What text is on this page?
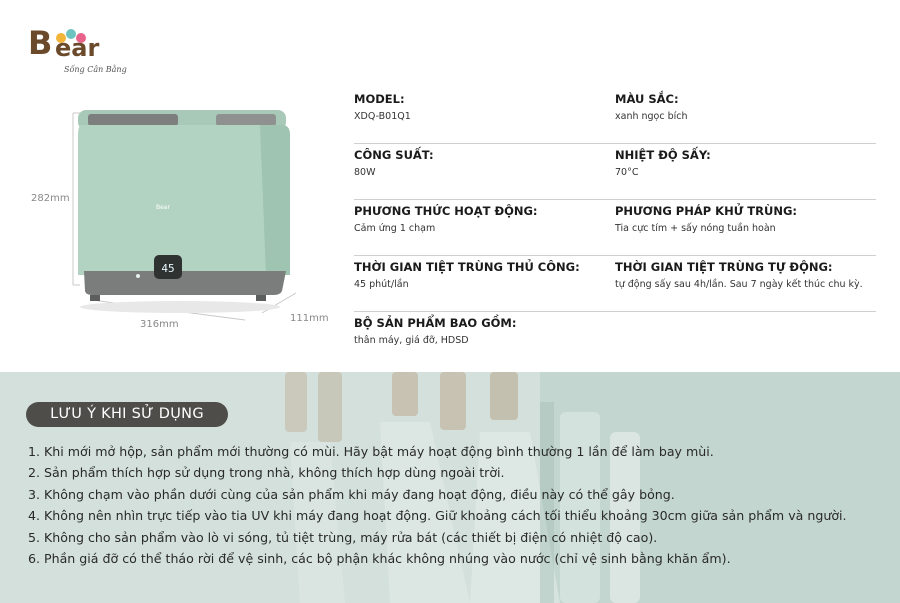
B ear
Sống Cân Bằng
Bear
45
282mm
316mm
111mm
MODEL:
XDQ-B01Q1
MÀU SẮC:
xanh ngọc bích
CÔNG SUẤT:
80W
NHIỆT ĐỘ SẤY:
70°C
PHƯƠNG THỨC HOẠT ĐỘNG:
Cảm ứng 1 chạm
PHƯƠNG PHÁP KHỬ TRÙNG:
Tia cực tím + sấy nóng tuần hoàn
THỜI GIAN TIỆT TRÙNG THỦ CÔNG:
45 phút/lần
THỜI GIAN TIỆT TRÙNG TỰ ĐỘNG:
tự động sấy sau 4h/lần. Sau 7 ngày kết thúc chu kỳ.
BỘ SẢN PHẨM BAO GỒM:
thân máy, giá đỡ, HDSD
LƯU Ý KHI SỬ DỤNG
1. Khi mới mở hộp, sản phẩm mới thường có mùi. Hãy bật máy hoạt động bình thường 1 lần để làm bay mùi.
2. Sản phẩm thích hợp sử dụng trong nhà, không thích hợp dùng ngoài trời.
3. Không chạm vào phần dưới cùng của sản phẩm khi máy đang hoạt động, điều này có thể gây bỏng.
4. Không nên nhìn trực tiếp vào tia UV khi máy đang hoạt động. Giữ khoảng cách tối thiểu khoảng 30cm giữa sản phẩm và người.
5. Không cho sản phẩm vào lò vi sóng, tủ tiệt trùng, máy rửa bát (các thiết bị điện có nhiệt độ cao).
6. Phần giá đỡ có thể tháo rời để vệ sinh, các bộ phận khác không nhúng vào nước (chỉ vệ sinh bằng khăn ẩm).
